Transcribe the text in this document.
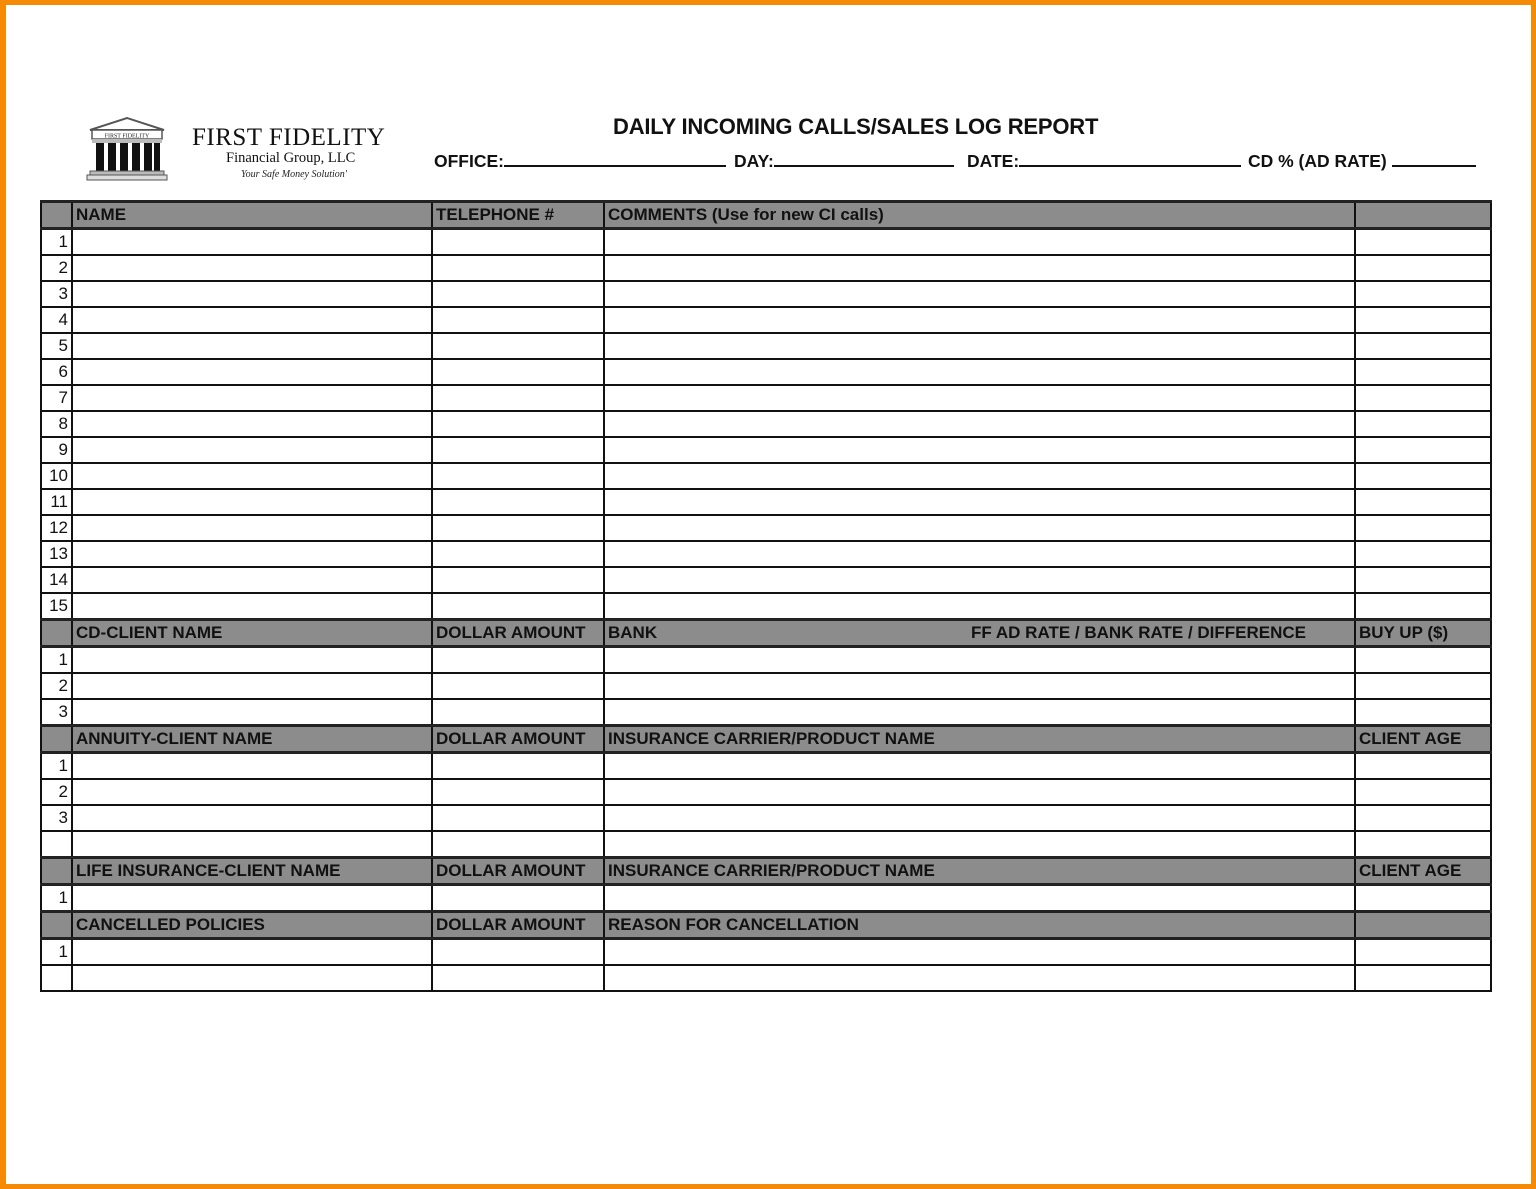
FIRST FIDELITY FIRST FIDELITY
Financial Group, LLC
Your Safe Money Solution'
DAILY INCOMING CALLS/SALES LOG REPORT
OFFICE:	DAY:	DATE:	CD % (AD RATE)
	NAME	TELEPHONE #	COMMENTS (Use for new CI calls)	
1				
2				
3				
4				
5				
6				
7				
8				
9				
10				
11				
12				
13				
14				
15				
	CD-CLIENT NAME	DOLLAR AMOUNT	BANK FF AD RATE / BANK RATE / DIFFERENCE	BUY UP ($)
1				
2				
3				
	ANNUITY-CLIENT NAME	DOLLAR AMOUNT	INSURANCE CARRIER/PRODUCT NAME	CLIENT AGE
1				
2				
3				

	LIFE INSURANCE-CLIENT NAME	DOLLAR AMOUNT	INSURANCE CARRIER/PRODUCT NAME	CLIENT AGE
1				
	CANCELLED POLICIES	DOLLAR AMOUNT	REASON FOR CANCELLATION	
1				
